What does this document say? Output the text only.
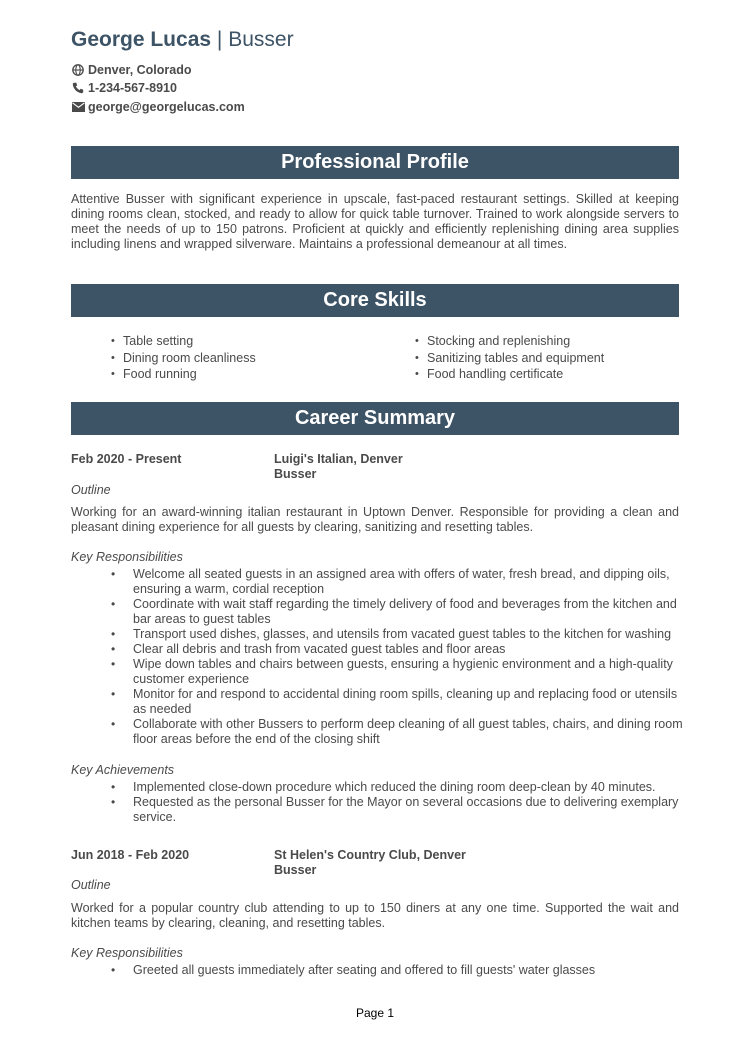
George Lucas | Busser
Denver, Colorado
1-234-567-8910
george@georgelucas.com
Professional Profile
Attentive Busser with significant experience in upscale, fast-paced restaurant settings. Skilled at keeping dining rooms clean, stocked, and ready to allow for quick table turnover. Trained to work alongside servers to meet the needs of up to 150 patrons. Proficient at quickly and efficiently replenishing dining area supplies including linens and wrapped silverware. Maintains a professional demeanour at all times.
Core Skills
• Table setting
• Dining room cleanliness
• Food running
• Stocking and replenishing
• Sanitizing tables and equipment
• Food handling certificate
Career Summary
Feb 2020 - Present	Luigi's Italian, Denver
Busser
Outline
Working for an award-winning italian restaurant in Uptown Denver. Responsible for providing a clean and pleasant dining experience for all guests by clearing, sanitizing and resetting tables.
Key Responsibilities
• Welcome all seated guests in an assigned area with offers of water, fresh bread, and dipping oils, ensuring a warm, cordial reception
• Coordinate with wait staff regarding the timely delivery of food and beverages from the kitchen and bar areas to guest tables
• Transport used dishes, glasses, and utensils from vacated guest tables to the kitchen for washing
• Clear all debris and trash from vacated guest tables and floor areas
• Wipe down tables and chairs between guests, ensuring a hygienic environment and a high-quality customer experience
• Monitor for and respond to accidental dining room spills, cleaning up and replacing food or utensils as needed
• Collaborate with other Bussers to perform deep cleaning of all guest tables, chairs, and dining room floor areas before the end of the closing shift
Key Achievements
• Implemented close-down procedure which reduced the dining room deep-clean by 40 minutes.
• Requested as the personal Busser for the Mayor on several occasions due to delivering exemplary service.
Jun 2018 - Feb 2020	St Helen's Country Club, Denver
Busser
Outline
Worked for a popular country club attending to up to 150 diners at any one time. Supported the wait and kitchen teams by clearing, cleaning, and resetting tables.
Key Responsibilities
• Greeted all guests immediately after seating and offered to fill guests' water glasses
Page 1
